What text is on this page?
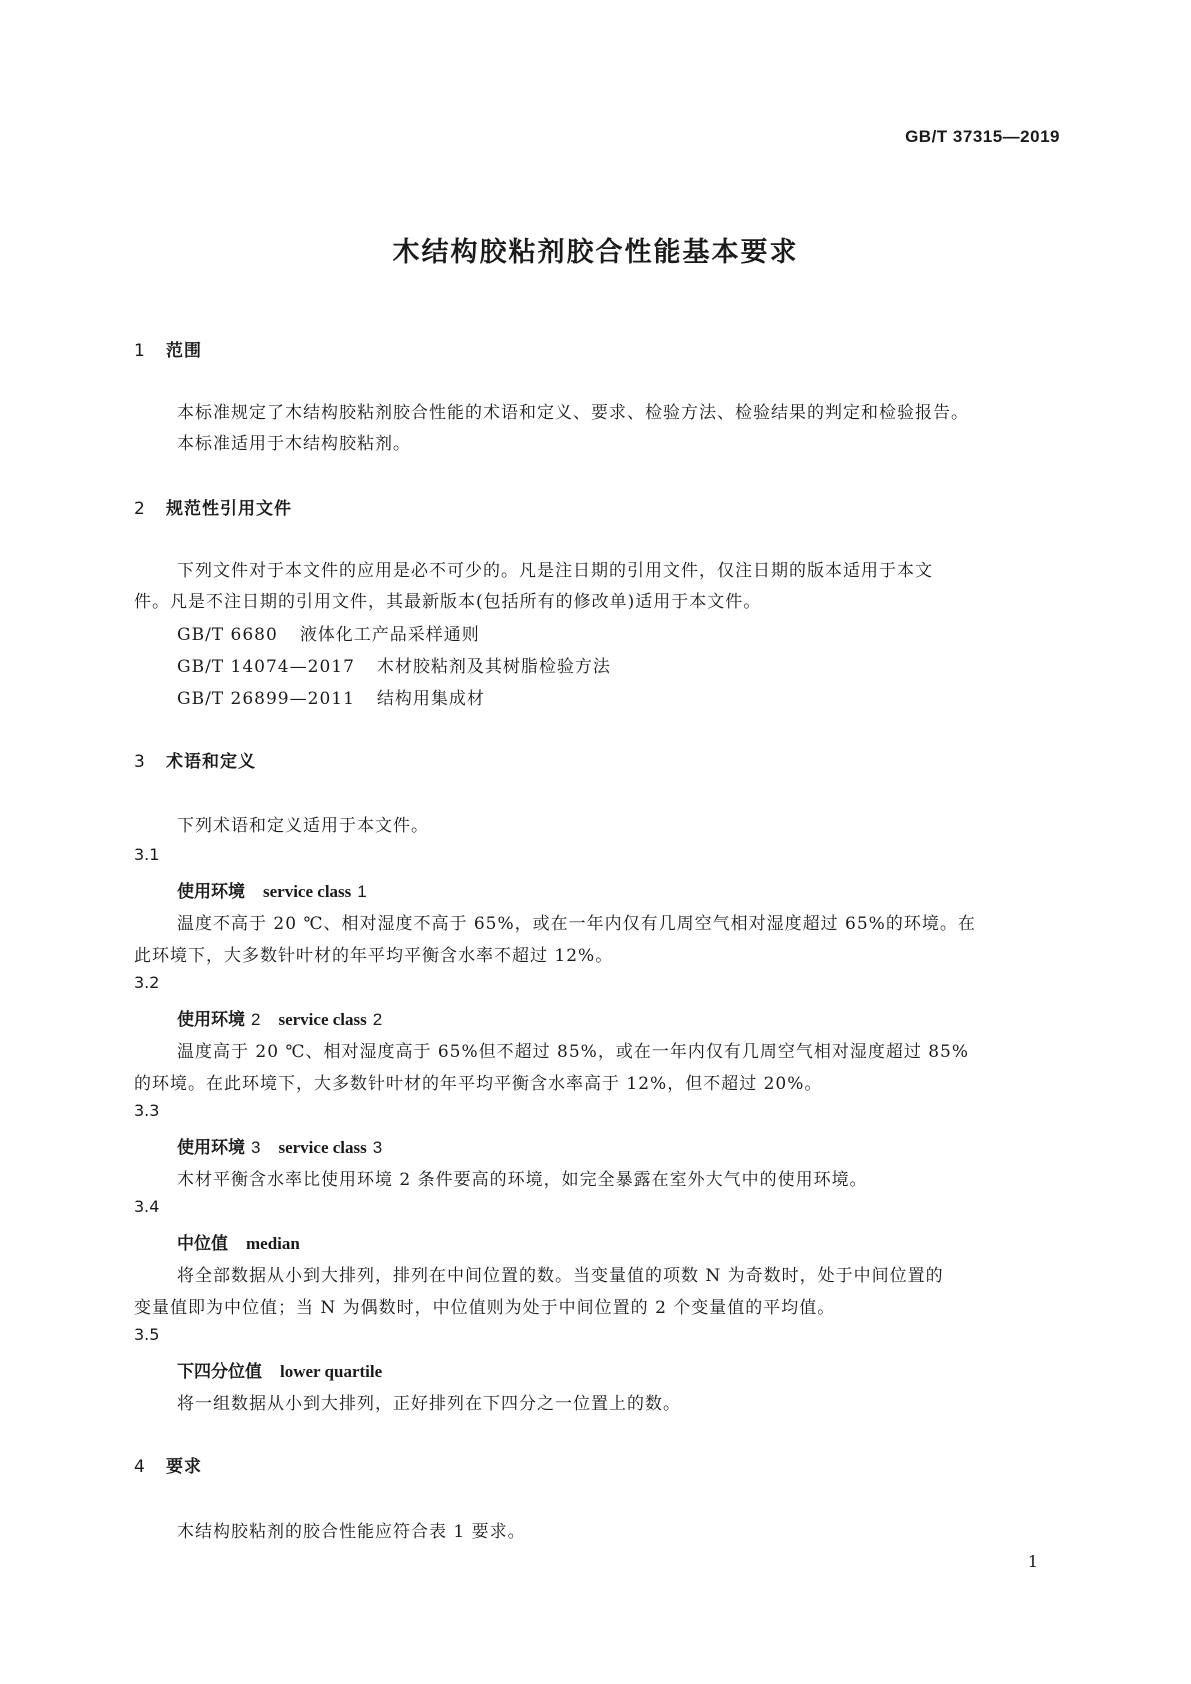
GB/T 37315—2019
木结构胶粘剂胶合性能基本要求
1 范围
本标准规定了木结构胶粘剂胶合性能的术语和定义、要求、检验方法、检验结果的判定和检验报告。
本标准适用于木结构胶粘剂。
2 规范性引用文件
下列文件对于本文件的应用是必不可少的。凡是注日期的引用文件，仅注日期的版本适用于本文
件。凡是不注日期的引用文件，其最新版本(包括所有的修改单)适用于本文件。
GB/T 6680 液体化工产品采样通则
GB/T 14074—2017 木材胶粘剂及其树脂检验方法
GB/T 26899—2011 结构用集成材
3 术语和定义
下列术语和定义适用于本文件。
3.1
使用环境 service class 1
温度不高于 20 ℃、相对湿度不高于 65%，或在一年内仅有几周空气相对湿度超过 65%的环境。在
此环境下，大多数针叶材的年平均平衡含水率不超过 12%。
3.2
使用环境 2 service class 2
温度高于 20 ℃、相对湿度高于 65%但不超过 85%，或在一年内仅有几周空气相对湿度超过 85%
的环境。在此环境下，大多数针叶材的年平均平衡含水率高于 12%，但不超过 20%。
3.3
使用环境 3 service class 3
木材平衡含水率比使用环境 2 条件要高的环境，如完全暴露在室外大气中的使用环境。
3.4
中位值 median
将全部数据从小到大排列，排列在中间位置的数。当变量值的项数 N 为奇数时，处于中间位置的
变量值即为中位值；当 N 为偶数时，中位值则为处于中间位置的 2 个变量值的平均值。
3.5
下四分位值 lower quartile
将一组数据从小到大排列，正好排列在下四分之一位置上的数。
4 要求
木结构胶粘剂的胶合性能应符合表 1 要求。
1
